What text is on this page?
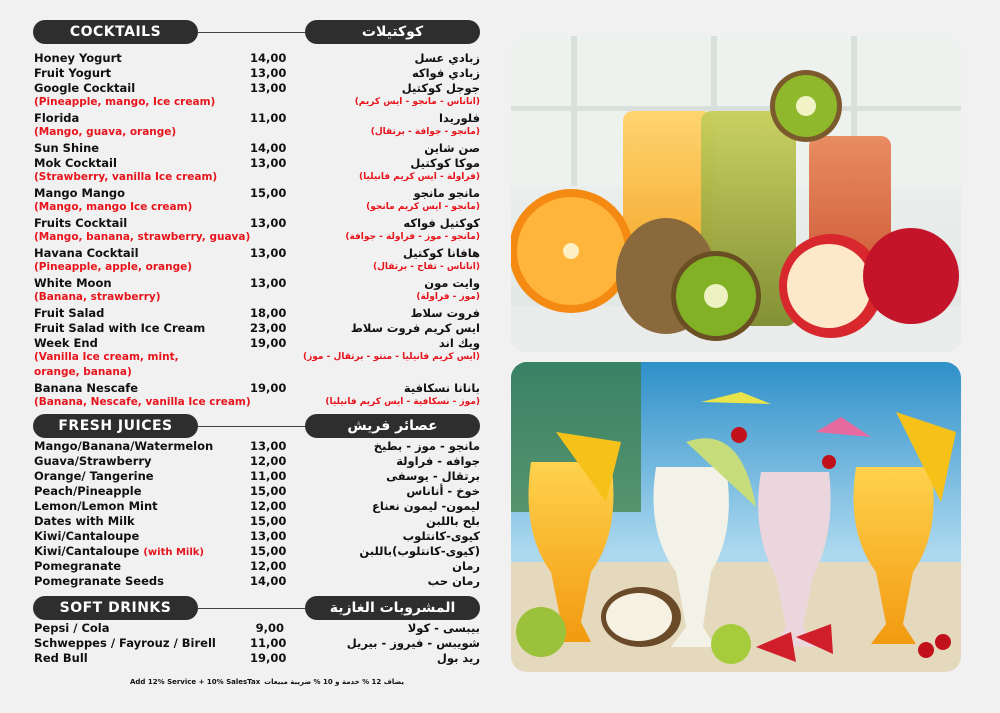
COCKTAILS	كوكتيلات
Honey Yogurt	14,00	زبادي عسل
Fruit Yogurt	13,00	زبادي فواكه
Google Cocktail	13,00	جوجل كوكتيل
(Pineapple, mango, Ice cream)	(اناناس - مانجو - ايس كريم)
Florida	11,00	فلوريدا
(Mango, guava, orange)	(مانجو - جوافة - برتقال)
Sun Shine	14,00	صن شاين
Mok Cocktail	13,00	موكا كوكتيل
(Strawberry, vanilla Ice cream)	(فراولة - ايس كريم فانيليا)
Mango Mango	15,00	مانجو مانجو
(Mango, mango Ice cream)	(مانجو - ايس كريم مانجو)
Fruits Cocktail	13,00	كوكتيل فواكه
(Mango, banana, strawberry, guava)	(مانجو - موز - فراولة - جوافة)
Havana Cocktail	13,00	هافانا كوكتيل
(Pineapple, apple, orange)	(اناناس - تفاح - برتقال)
White Moon	13,00	وايت مون
(Banana, strawberry)	(موز - فراولة)
Fruit Salad	18,00	فروت سلاط
Fruit Salad with Ice Cream	23,00	ايس كريم فروت سلاط
Week End	19,00	ويك اند
(Vanilla Ice cream, mint,
orange, banana)
(ايس كريم فانيليا - منتو - برتقال - موز)
Banana Nescafe	19,00	بانانا نسكافية
(Banana, Nescafe, vanilla Ice cream)	(موز - نسكافية - ايس كريم فانيليا)
FRESH JUICES	عصائر فريش
Mango/Banana/Watermelon	13,00	مانجو - موز - بطيخ
Guava/Strawberry	12,00	جوافه - فراولة
Orange/ Tangerine	11,00	برتقال - يوسفى
Peach/Pineapple	15,00	خوخ - أناناس
Lemon/Lemon Mint	12,00	ليمون- ليمون نعناع
Dates with Milk	15,00	بلح باللبن
Kiwi/Cantaloupe	13,00	كيوى-كانتلوب
Kiwi/Cantaloupe (with Milk)	15,00	(كيوى-كانتلوب)باللبن
Pomegranate	12,00	رمان
Pomegranate Seeds	14,00	رمان حب
SOFT DRINKS	المشروبات الغازية
Pepsi / Cola	9,00	بيبسى - كولا
Schweppes / Fayrouz / Birell	11,00	شويبس - فيروز - بيريل
Red Bull	19,00	ريد بول
Add 12% Service + 10% SalesTax يضاف 12 % خدمة و 10 % ضريبة مبيعات
